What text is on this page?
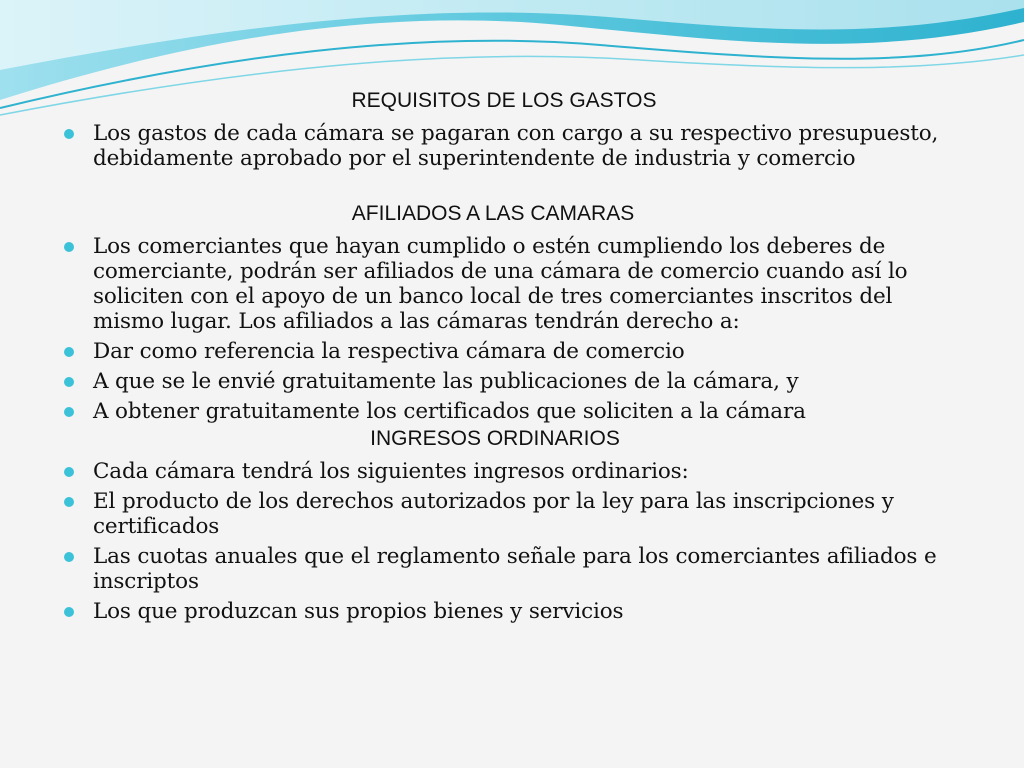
REQUISITOS DE LOS GASTOS
Los gastos de cada cámara se pagaran con cargo a su respectivo presupuesto, debidamente aprobado por el superintendente de industria y comercio
AFILIADOS A LAS CAMARAS
Los comerciantes que hayan cumplido o estén cumpliendo los deberes de comerciante, podrán ser afiliados de una cámara de comercio cuando así lo soliciten con el apoyo de un banco local de tres comerciantes inscritos del mismo lugar. Los afiliados a las cámaras tendrán derecho a:
Dar como referencia la respectiva cámara de comercio
A que se le envié gratuitamente las publicaciones de la cámara, y
A obtener gratuitamente los certificados que soliciten a la cámara
INGRESOS ORDINARIOS
Cada cámara tendrá los siguientes ingresos ordinarios:
El producto de los derechos autorizados por la ley para las inscripciones y certificados
Las cuotas anuales que el reglamento señale para los comerciantes afiliados e inscriptos
Los que produzcan sus propios bienes y servicios
